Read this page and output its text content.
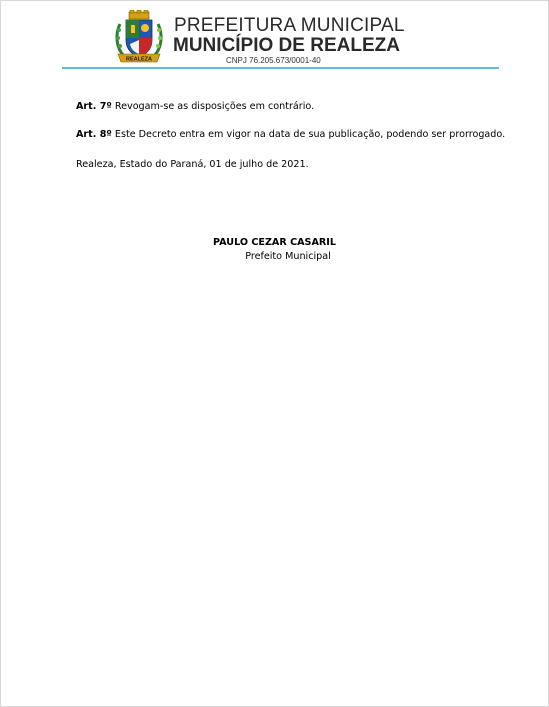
REALEZA
PREFEITURA MUNICIPAL
MUNICÍPIO DE REALEZA
CNPJ 76.205.673/0001-40
Art. 7º Revogam-se as disposições em contrário.
Art. 8º Este Decreto entra em vigor na data de sua publicação, podendo ser prorrogado.
Realeza, Estado do Paraná, 01 de julho de 2021.
PAULO CEZAR CASARIL
Prefeito Municipal
